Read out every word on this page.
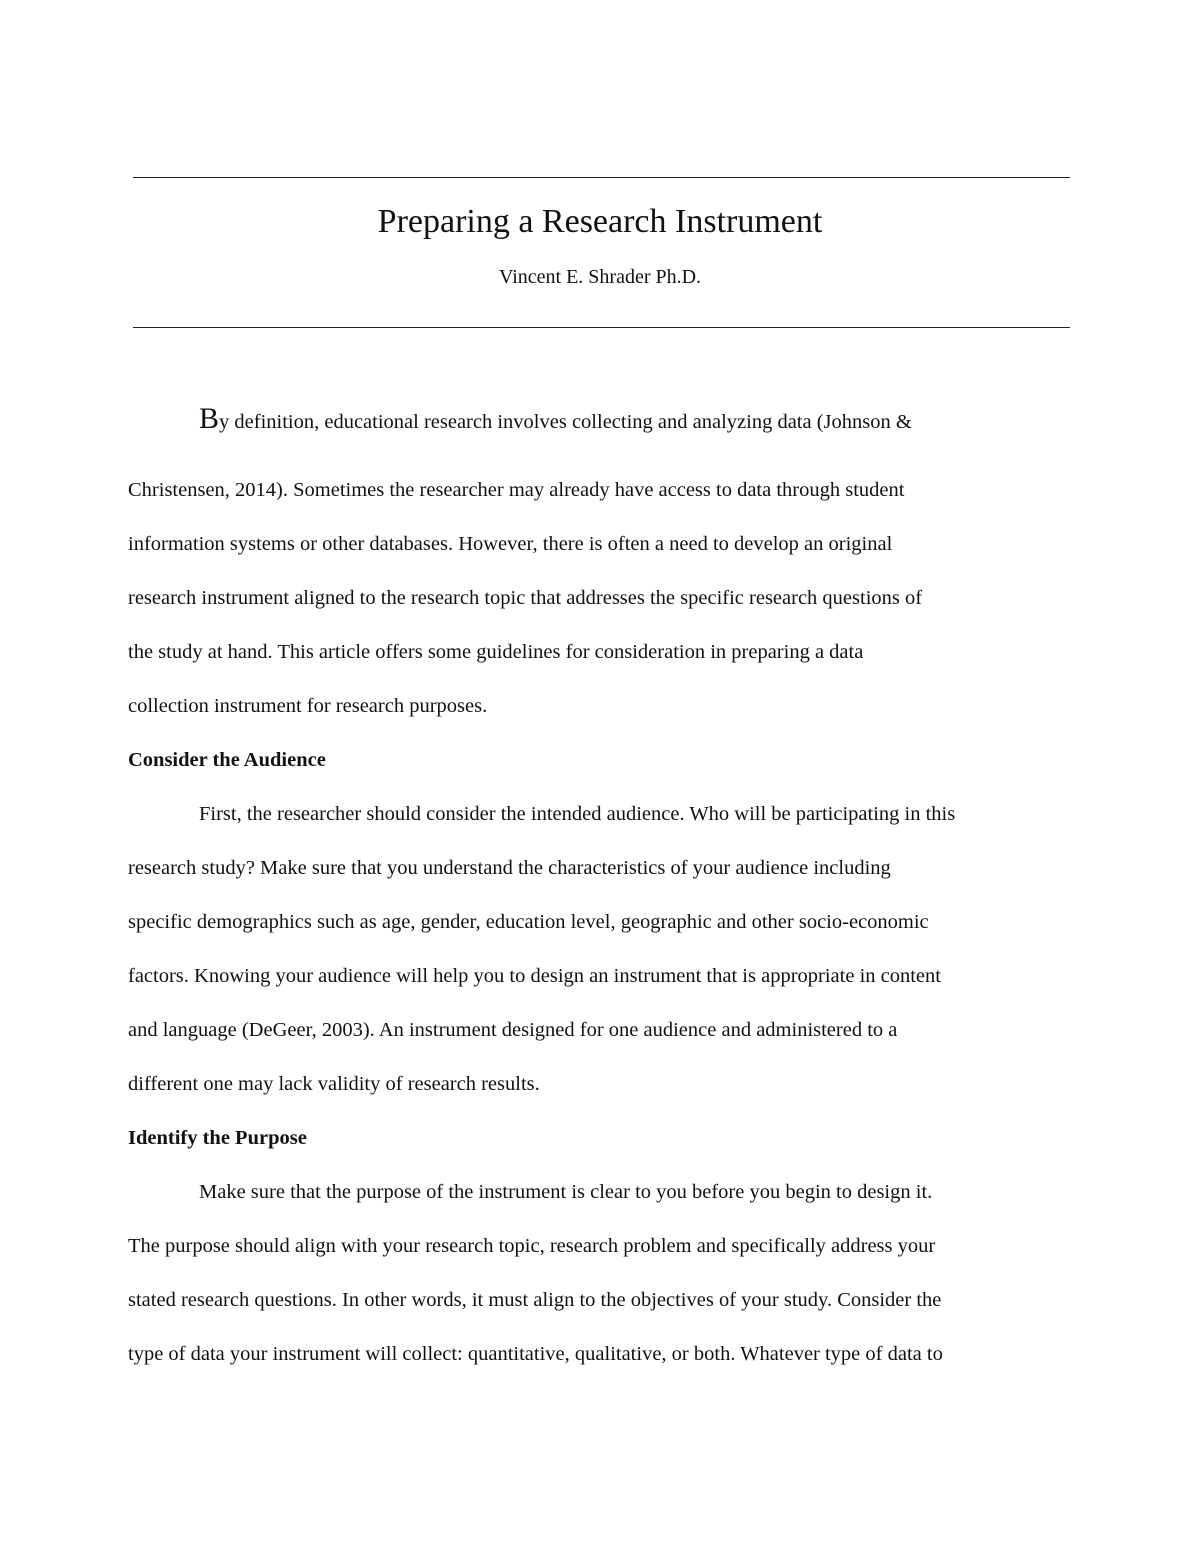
Preparing a Research Instrument
Vincent E. Shrader Ph.D.
By definition, educational research involves collecting and analyzing data (Johnson &
Christensen, 2014). Sometimes the researcher may already have access to data through student
information systems or other databases. However, there is often a need to develop an original
research instrument aligned to the research topic that addresses the specific research questions of
the study at hand. This article offers some guidelines for consideration in preparing a data
collection instrument for research purposes.
Consider the Audience
First, the researcher should consider the intended audience. Who will be participating in this
research study? Make sure that you understand the characteristics of your audience including
specific demographics such as age, gender, education level, geographic and other socio-economic
factors. Knowing your audience will help you to design an instrument that is appropriate in content
and language (DeGeer, 2003). An instrument designed for one audience and administered to a
different one may lack validity of research results.
Identify the Purpose
Make sure that the purpose of the instrument is clear to you before you begin to design it.
The purpose should align with your research topic, research problem and specifically address your
stated research questions. In other words, it must align to the objectives of your study. Consider the
type of data your instrument will collect: quantitative, qualitative, or both. Whatever type of data to
